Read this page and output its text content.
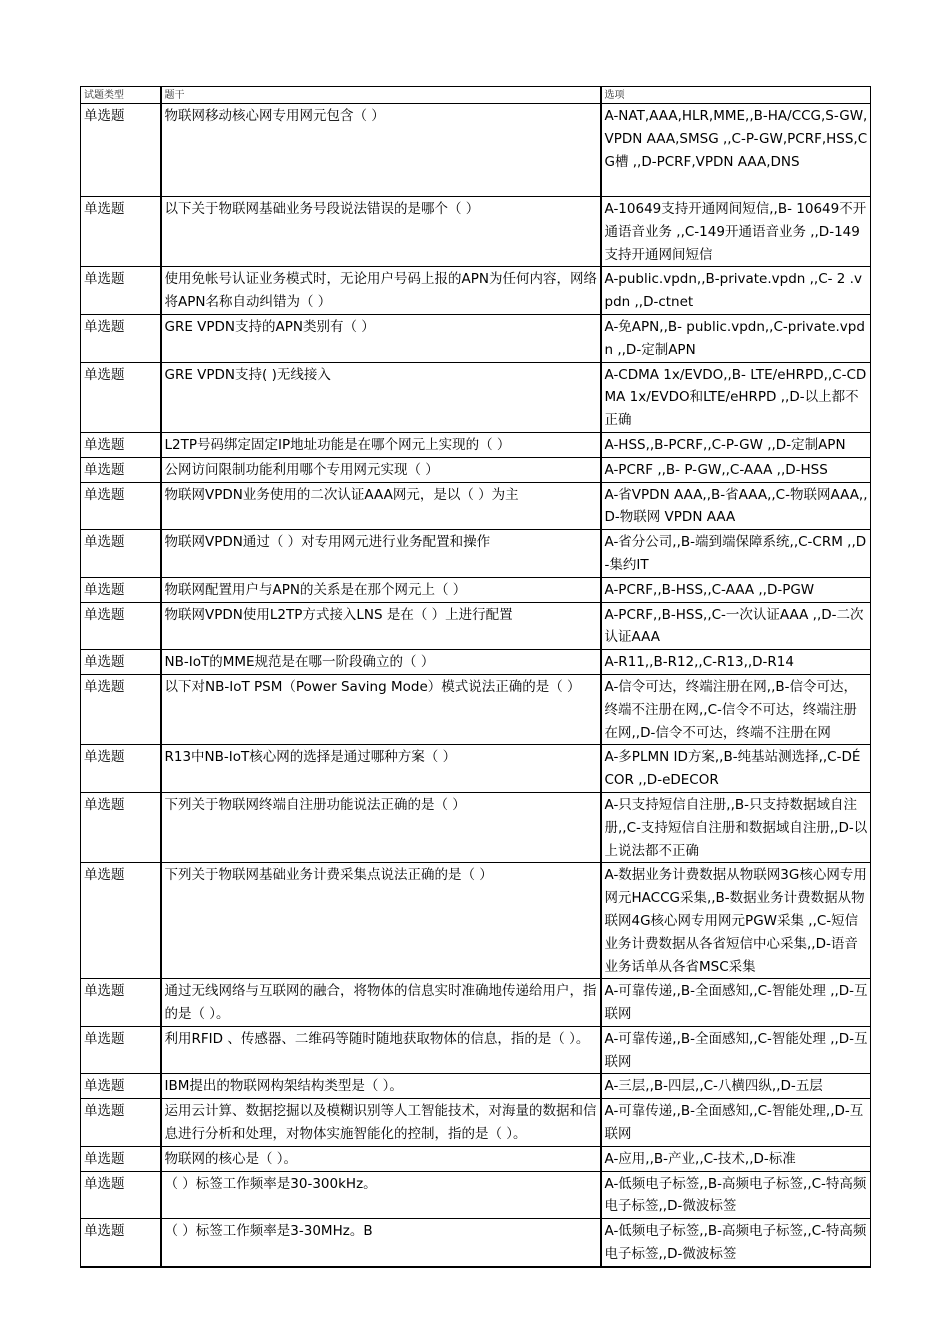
试题类型	题干	选项
单选题	物联网移动核心网专用网元包含（ ）	A-NAT,AAA,HLR,MME,,B-HA/CCG,S-GW,VPDN AAA,SMSG ,,C-P-GW,PCRF,HSS,CG槽 ,,D-PCRF,VPDN AAA,DNS
单选题	以下关于物联网基础业务号段说法错误的是哪个（ ）	A-10649支持开通网间短信,,B- 10649不开通语音业务 ,,C-149开通语音业务 ,,D-149支持开通网间短信
单选题	使用免帐号认证业务模式时，无论用户号码上报的APN为任何内容，网络将APN名称自动纠错为（ ）	A-public.vpdn,,B-private.vpdn ,,C- 2 .vpdn ,,D-ctnet
单选题	GRE VPDN支持的APN类别有（ ）	A-免APN,,B- public.vpdn,,C-private.vpdn ,,D-定制APN
单选题	GRE VPDN支持( )无线接入	A-CDMA 1x/EVDO,,B- LTE/eHRPD,,C-CDMA 1x/EVDO和LTE/eHRPD ,,D-以上都不正确
单选题	L2TP号码绑定固定IP地址功能是在哪个网元上实现的（ ）	A-HSS,,B-PCRF,,C-P-GW ,,D-定制APN
单选题	公网访问限制功能利用哪个专用网元实现（ ）	A-PCRF ,,B- P-GW,,C-AAA ,,D-HSS
单选题	物联网VPDN业务使用的二次认证AAA网元，是以（ ）为主	A-省VPDN AAA,,B-省AAA,,C-物联网AAA,,D-物联网 VPDN AAA
单选题	物联网VPDN通过（ ）对专用网元进行业务配置和操作	A-省分公司,,B-端到端保障系统,,C-CRM ,,D-集约IT
单选题	物联网配置用户与APN的关系是在那个网元上（ ）	A-PCRF,,B-HSS,,C-AAA ,,D-PGW
单选题	物联网VPDN使用L2TP方式接入LNS 是在（ ）上进行配置	A-PCRF,,B-HSS,,C-一次认证AAA ,,D-二次认证AAA
单选题	NB-IoT的MME规范是在哪一阶段确立的（ ）	A-R11,,B-R12,,C-R13,,D-R14
单选题	以下对NB-IoT PSM（Power Saving Mode）模式说法正确的是（ ）	A-信令可达，终端注册在网,,B-信令可达，终端不注册在网,,C-信令不可达，终端注册在网,,D-信令不可达，终端不注册在网
单选题	R13中NB-IoT核心网的选择是通过哪种方案（ ）	A-多PLMN ID方案,,B-纯基站测选择,,C-DÉCOR ,,D-eDECOR
单选题	下列关于物联网终端自注册功能说法正确的是（ ）	A-只支持短信自注册,,B-只支持数据域自注册,,C-支持短信自注册和数据域自注册,,D-以上说法都不正确
单选题	下列关于物联网基础业务计费采集点说法正确的是（ ）	A-数据业务计费数据从物联网3G核心网专用网元HACCG采集,,B-数据业务计费数据从物联网4G核心网专用网元PGW采集 ,,C-短信业务计费数据从各省短信中心采集,,D-语音业务话单从各省MSC采集
单选题	通过无线网络与互联网的融合，将物体的信息实时准确地传递给用户，指的是（ ）。	A-可靠传递,,B-全面感知,,C-智能处理 ,,D-互联网
单选题	利用RFID 、传感器、二维码等随时随地获取物体的信息，指的是（ ）。	A-可靠传递,,B-全面感知,,C-智能处理 ,,D-互联网
单选题	IBM提出的物联网构架结构类型是（ ）。	A-三层,,B-四层,,C-八横四纵,,D-五层
单选题	运用云计算、数据挖掘以及模糊识别等人工智能技术，对海量的数据和信息进行分析和处理，对物体实施智能化的控制，指的是（ ）。	A-可靠传递,,B-全面感知,,C-智能处理,,D-互联网
单选题	物联网的核心是（ ）。	A-应用,,B-产业,,C-技术,,D-标准
单选题	（ ）标签工作频率是30-300kHz。	A-低频电子标签,,B-高频电子标签,,C-特高频电子标签,,D-微波标签
单选题	（ ）标签工作频率是3-30MHz。B	A-低频电子标签,,B-高频电子标签,,C-特高频电子标签,,D-微波标签
